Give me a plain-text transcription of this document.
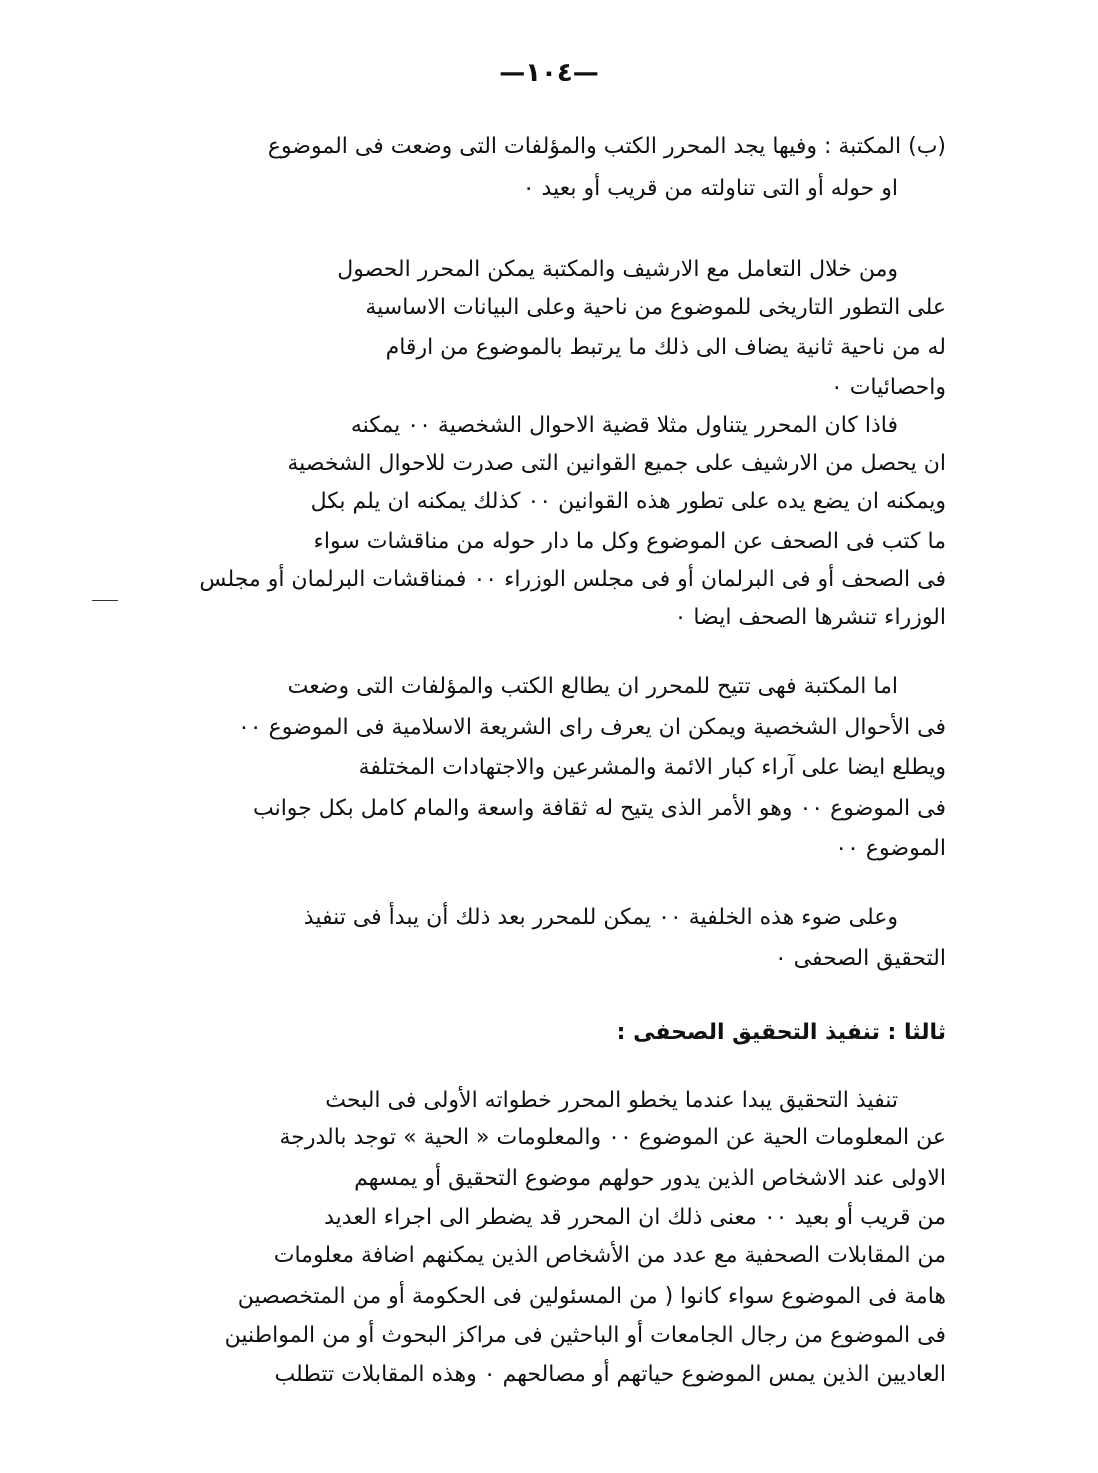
—١٠٤—
(ب) المكتبة : وفيها يجد المحرر الكتب والمؤلفات التى وضعت فى الموضوع
او حوله أو التى تناولته من قريب أو بعيد ٠
ومن خلال التعامل مع الارشيف والمكتبة يمكن المحرر الحصول
على التطور التاريخى للموضوع من ناحية وعلى البيانات الاساسية
له من ناحية ثانية يضاف الى ذلك ما يرتبط بالموضوع من ارقام
واحصائيات ٠
فاذا كان المحرر يتناول مثلا قضية الاحوال الشخصية ٠٠ يمكنه
ان يحصل من الارشيف على جميع القوانين التى صدرت للاحوال الشخصية
ويمكنه ان يضع يده على تطور هذه القوانين ٠٠ كذلك يمكنه ان يلم بكل
ما كتب فى الصحف عن الموضوع وكل ما دار حوله من مناقشات سواء
فى الصحف أو فى البرلمان أو فى مجلس الوزراء ٠٠ فمناقشات البرلمان أو مجلس
الوزراء تنشرها الصحف ايضا ٠
اما المكتبة فهى تتيح للمحرر ان يطالع الكتب والمؤلفات التى وضعت
فى الأحوال الشخصية ويمكن ان يعرف راى الشريعة الاسلامية فى الموضوع ٠٠
ويطلع ايضا على آراء كبار الائمة والمشرعين والاجتهادات المختلفة
فى الموضوع ٠٠ وهو الأمر الذى يتيح له ثقافة واسعة والمام كامل بكل جوانب
الموضوع ٠٠
وعلى ضوء هذه الخلفية ٠٠ يمكن للمحرر بعد ذلك أن يبدأ فى تنفيذ
التحقيق الصحفى ٠
ثالثا : تنفيذ التحقيق الصحفى :
تنفيذ التحقيق يبدا عندما يخطو المحرر خطواته الأولى فى البحث
عن المعلومات الحية عن الموضوع ٠٠ والمعلومات « الحية » توجد بالدرجة
الاولى عند الاشخاص الذين يدور حولهم موضوع التحقيق أو يمسهم
من قريب أو بعيد ٠٠ معنى ذلك ان المحرر قد يضطر الى اجراء العديد
من المقابلات الصحفية مع عدد من الأشخاص الذين يمكنهم اضافة معلومات
هامة فى الموضوع سواء كانوا ( من المسئولين فى الحكومة أو من المتخصصين
فى الموضوع من رجال الجامعات أو الباحثين فى مراكز البحوث أو من المواطنين
العاديين الذين يمس الموضوع حياتهم أو مصالحهم ٠ وهذه المقابلات تتطلب
